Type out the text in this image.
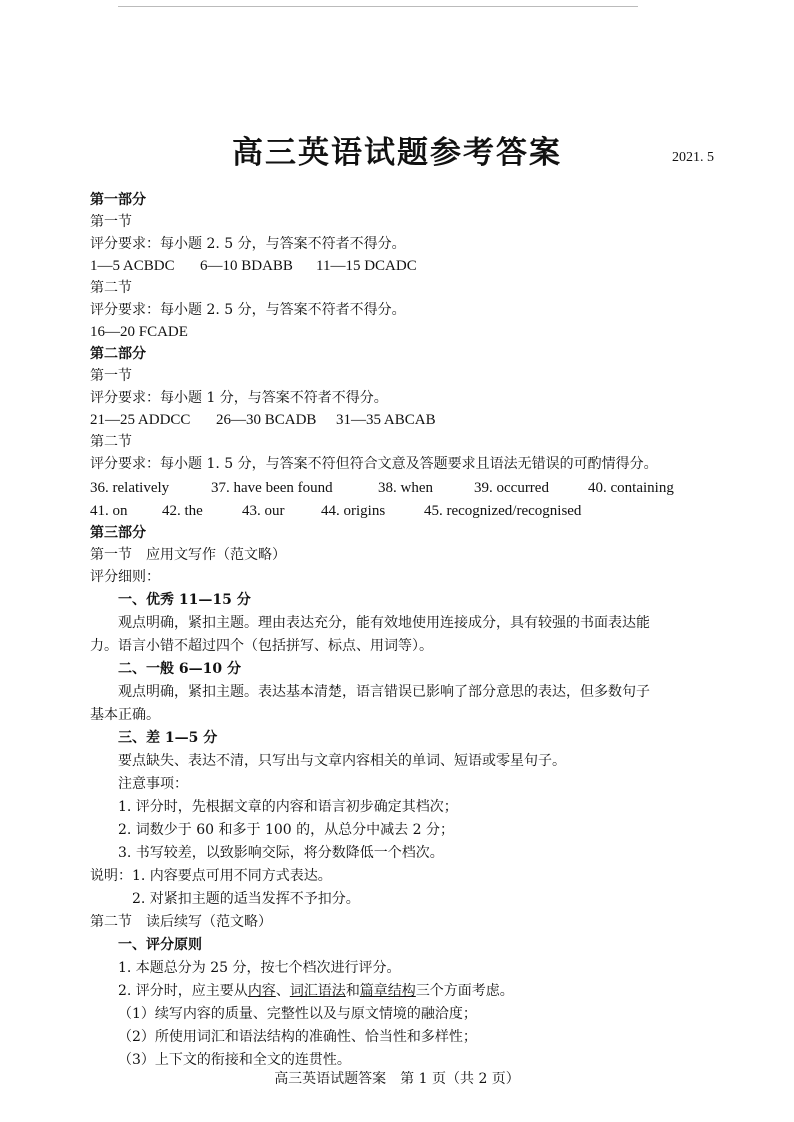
高三英语试题参考答案	2021. 5
第一部分
第一节
评分要求：每小题 2. 5 分，与答案不符者不得分。
1—5 ACBDC 6—10 BDABB 11—15 DCADC
第二节
评分要求：每小题 2. 5 分，与答案不符者不得分。
16—20 FCADE
第二部分
第一节
评分要求：每小题 1 分，与答案不符者不得分。
21—25 ADDCC 26—30 BCADB 31—35 ABCAB
第二节
评分要求：每小题 1. 5 分，与答案不符但符合文意及答题要求且语法无错误的可酌情得分。
36. relatively	37. have been found	38. when	39. occurred	40. containing
41. on 42. the	43. our 44. origins	45. recognized/recognised
第三部分
第一节　应用文写作（范文略）
评分细则：
一、优秀 11—15 分
观点明确，紧扣主题。理由表达充分，能有效地使用连接成分，具有较强的书面表达能
力。语言小错不超过四个（包括拼写、标点、用词等）。
二、一般 6—10 分
观点明确，紧扣主题。表达基本清楚，语言错误已影响了部分意思的表达，但多数句子
基本正确。
三、差 1—5 分
要点缺失、表达不清，只写出与文章内容相关的单词、短语或零星句子。
注意事项：
1. 评分时，先根据文章的内容和语言初步确定其档次；
2. 词数少于 60 和多于 100 的，从总分中减去 2 分；
3. 书写较差，以致影响交际，将分数降低一个档次。
说明：1. 内容要点可用不同方式表达。
2. 对紧扣主题的适当发挥不予扣分。
第二节　读后续写（范文略）
一、评分原则
1. 本题总分为 25 分，按七个档次进行评分。
2. 评分时，应主要从内容、词汇语法和篇章结构三个方面考虑。
（1）续写内容的质量、完整性以及与原文情境的融洽度；
（2）所使用词汇和语法结构的准确性、恰当性和多样性；
（3）上下文的衔接和全文的连贯性。
高三英语试题答案　第 1 页（共 2 页）
